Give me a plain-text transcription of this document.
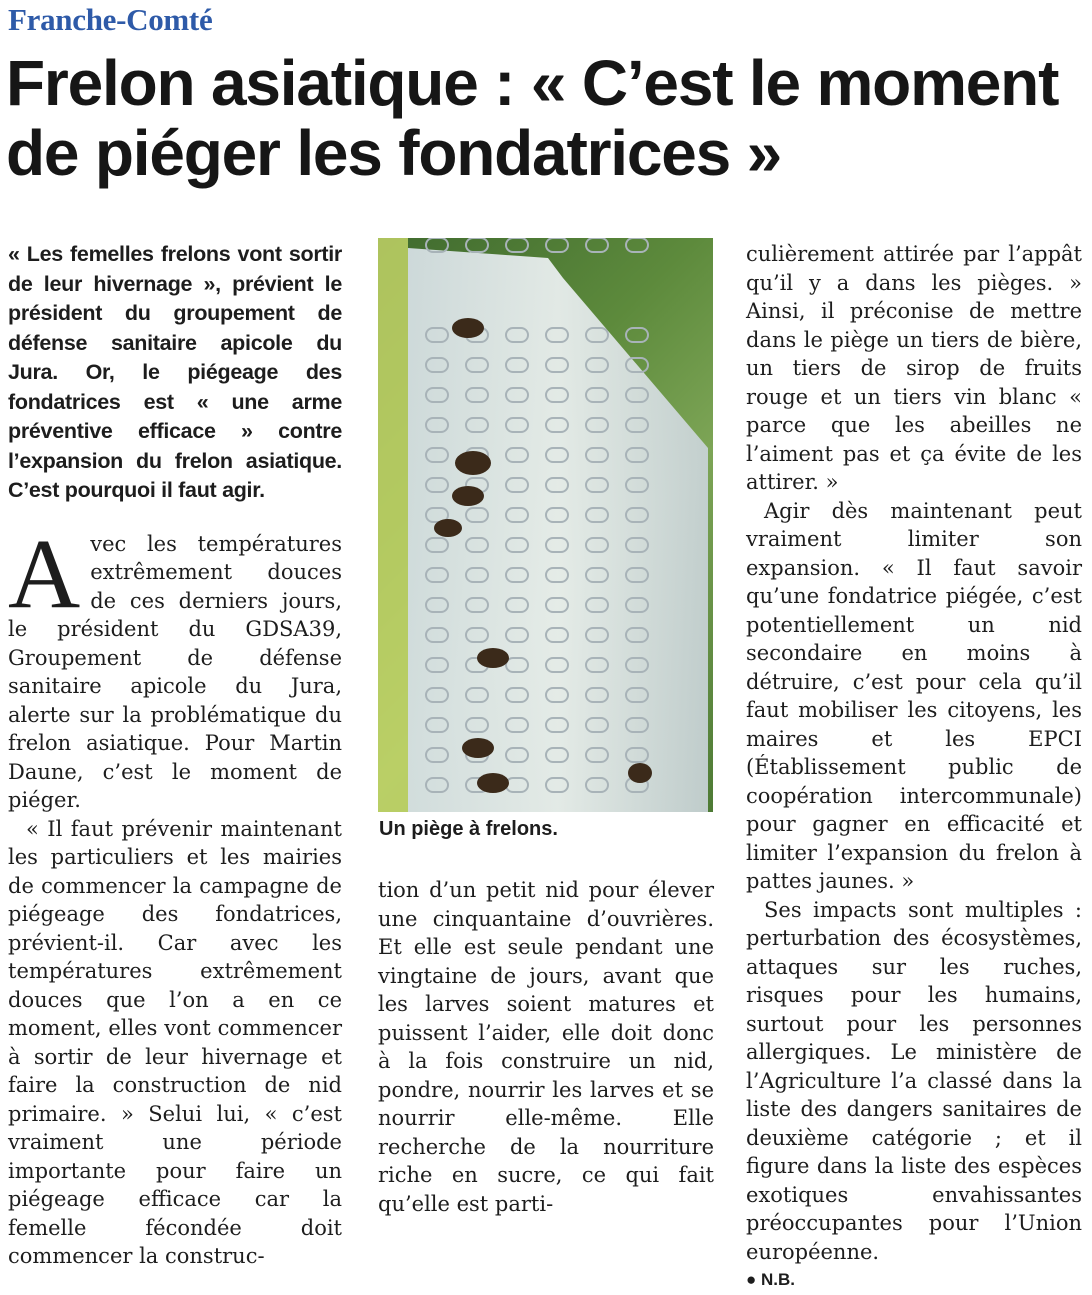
Franche-Comté
Frelon asiatique : « C’est le moment de piéger les fondatrices »

« Les femelles frelons vont sortir de leur hivernage », prévient le président du groupement de défense sanitaire apicole du Jura. Or, le piégeage des fondatrices est « une arme préventive efficace » contre l’expansion du frelon asiatique. C’est pourquoi il faut agir.

Avec les températures extrêmement douces de ces derniers jours, le président du GDSA39, Groupement de défense sanitaire apicole du Jura, alerte sur la problématique du frelon asiatique. Pour Martin Daune, c’est le moment de piéger.

« Il faut prévenir maintenant les particuliers et les mairies de commencer la campagne de piégeage des fondatrices, prévient-il. Car avec les températures extrêmement douces que l’on a en ce moment, elles vont commencer à sortir de leur hivernage et faire la construction de nid primaire. » Selui lui, « c’est vraiment une période importante pour faire un piégeage efficace car la femelle fécondée doit commencer la construc-

Un piège à frelons.

tion d’un petit nid pour élever une cinquantaine d’ouvrières. Et elle est seule pendant une vingtaine de jours, avant que les larves soient matures et puissent l’aider, elle doit donc à la fois construire un nid, pondre, nourrir les larves et se nourrir elle-même. Elle recherche de la nourriture riche en sucre, ce qui fait qu’elle est parti-

culièrement attirée par l’appât qu’il y a dans les pièges. » Ainsi, il préconise de mettre dans le piège un tiers de bière, un tiers de sirop de fruits rouge et un tiers vin blanc « parce que les abeilles ne l’aiment pas et ça évite de les attirer. »

Agir dès maintenant peut vraiment limiter son expansion. « Il faut savoir qu’une fondatrice piégée, c’est potentiellement un nid secondaire en moins à détruire, c’est pour cela qu’il faut mobiliser les citoyens, les maires et les EPCI (Établissement public de coopération intercommunale) pour gagner en efficacité et limiter l’expansion du frelon à pattes jaunes. »

Ses impacts sont multiples : perturbation des écosystèmes, attaques sur les ruches, risques pour les humains, surtout pour les personnes allergiques. Le ministère de l’Agriculture l’a classé dans la liste des dangers sanitaires de deuxième catégorie ; et il figure dans la liste des espèces exotiques envahissantes préoccupantes pour l’Union européenne.

● N.B.
